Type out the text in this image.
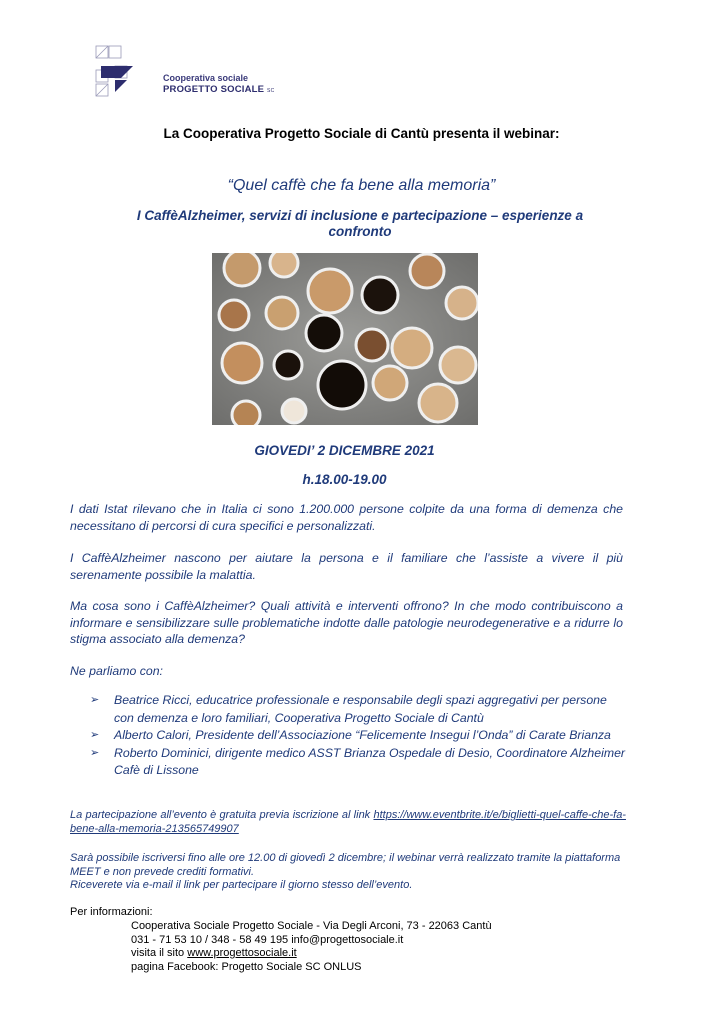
Cooperativa sociale
PROGETTO SOCIALE SC
La Cooperativa Progetto Sociale di Cantù presenta il webinar:
“Quel caffè che fa bene alla memoria”
I CaffèAlzheimer, servizi di inclusione e partecipazione – esperienze a confronto
GIOVEDI’ 2 DICEMBRE 2021
h.18.00-19.00
I dati Istat rilevano che in Italia ci sono 1.200.000 persone colpite da una forma di demenza che necessitano di percorsi di cura specifici e personalizzati.
I CaffèAlzheimer nascono per aiutare la persona e il familiare che l’assiste a vivere il più serenamente possibile la malattia.
Ma cosa sono i CaffèAlzheimer? Quali attività e interventi offrono? In che modo contribuiscono a informare e sensibilizzare sulle problematiche indotte dalle patologie neurodegenerative e a ridurre lo stigma associato alla demenza?
Ne parliamo con:
➢ Beatrice Ricci, educatrice professionale e responsabile degli spazi aggregativi per persone con demenza e loro familiari, Cooperativa Progetto Sociale di Cantù
➢ Alberto Calori, Presidente dell’Associazione “Felicemente Insegui l’Onda” di Carate Brianza
➢ Roberto Dominici, dirigente medico ASST Brianza Ospedale di Desio, Coordinatore Alzheimer Cafè di Lissone
La partecipazione all’evento è gratuita previa iscrizione al link https://www.eventbrite.it/e/biglietti-quel-caffe-che-fa-bene-alla-memoria-213565749907
Sarà possibile iscriversi fino alle ore 12.00 di giovedì 2 dicembre; il webinar verrà realizzato tramite la piattaforma MEET e non prevede crediti formativi.
Riceverete via e-mail il link per partecipare il giorno stesso dell’evento.
Per informazioni:
Cooperativa Sociale Progetto Sociale - Via Degli Arconi, 73 - 22063 Cantù
031 - 71 53 10 / 348 - 58 49 195 info@progettosociale.it
visita il sito www.progettosociale.it
pagina Facebook: Progetto Sociale SC ONLUS
